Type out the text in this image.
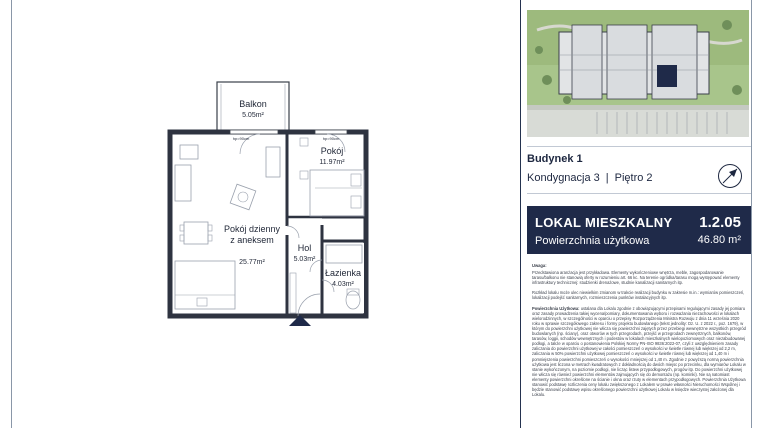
Balkon
5.05m²
Pokój
11.97m²

Pokój dzienny
z aneksem

25.77m²

Hol
5.03m²
Łazienka
4.03m²
hp=90cm	hp=90cm
Budynek 1
Kondygnacja 3 | Piętro 2
LOKAL MIESZKALNY
Powierzchnia użytkowa
1.2.05
46.80 m²

Uwaga:

Przedstawiona aranżacja jest przykładowa. Elementy wykończeniowe wnętrza, meble, zagospodarowanie tarasu/balkonu nie stanowią oferty w rozumieniu art. 66 kc. Na terenie ogródka/tarasu mogą występować elementy infrastruktury technicznej: studzienki drenażowe, studnie kanalizacji sanitarnych itp.

Rozkład lokalu może ulec niewielkim zmianom w trakcie realizacji budynku w zakresie m.in.: wymiarów pomieszczeń, lokalizacji podejść sanitarnych, rozmieszczenia punktów instalacyjnych itp.

Powierzchnia Użytkowa: ustalana dla Lokalu zgodnie z obowiązującymi przepisami regulującymi zasady jej pomiaru oraz zasady prowadzenia takiej wycena/pomiary, dokumentowania wyboru i rozważania niezachowości w lokalach wielorodzinnych, w szczególności w oparciu o przepisy Rozporządzenia Ministra Rozwoju z dnia 11 września 2020 roku w sprawie szczegółowego zakresu i formy projektu budowlanego (tekst jednolity: Dz. U. z 2022 r., poz. 1679), w którym do powierzchni użytkowej nie wlicza się powierzchni zajętych przez przebiegi wewnętrzne wszystkich przegród budowlanych (np. ściany), oraz otworów w tych przegrodach, przejść w przegrodach zewnętrznych, balkonów, tarasów, loggii, schodów wewnętrznych i podestów w lokalach mieszkalnych wielopoziomowych oraz niezabudowanej podłogi, a także w oparciu o postanowienia Polskiej Normy PN-ISO 9836:2022-07, czyli z uwzględnieniem zasady zaliczania do powierzchni użytkowej w całości pomieszczeń o wysokości w świetle równej lub większej od 2,2 m, zaliczania w 50% powierzchni użytkowej pomieszczeń o wysokości w świetle równej lub większej od 1,40 m i pomniejszenia powierzchni pomieszczeń o wysokości mniejszej od 1,40 m. Zgodnie z powyższą normą powierzchnia użytkowa jest liczona w metrach kwadratowych z dokładnością do dwóch miejsc po przecinku, dla wymiarów Lokalu w stanie wykończonym, na poziomie podłogi, nie licząc listew przypodłogowych, progów itp. Do powierzchni użytkowej nie wlicza się również powierzchni elementów zajmujących się do demontażu (np. kominki). Nie są natomiast elementy powierzchni określone na ścianie i okna oraz rzuty w elementach przypodłogowych. Powierzchnia Użytkowa stanowić podstawę rozliczenia ceny lokalu zwiększonego z Lokalem w prawie własności Nieruchomości Wspólnej i będzie stanowić podstawę wpisu określonego powierzchni użytkowej Lokalu w księdze wieczystej założonej dla Lokalu.
